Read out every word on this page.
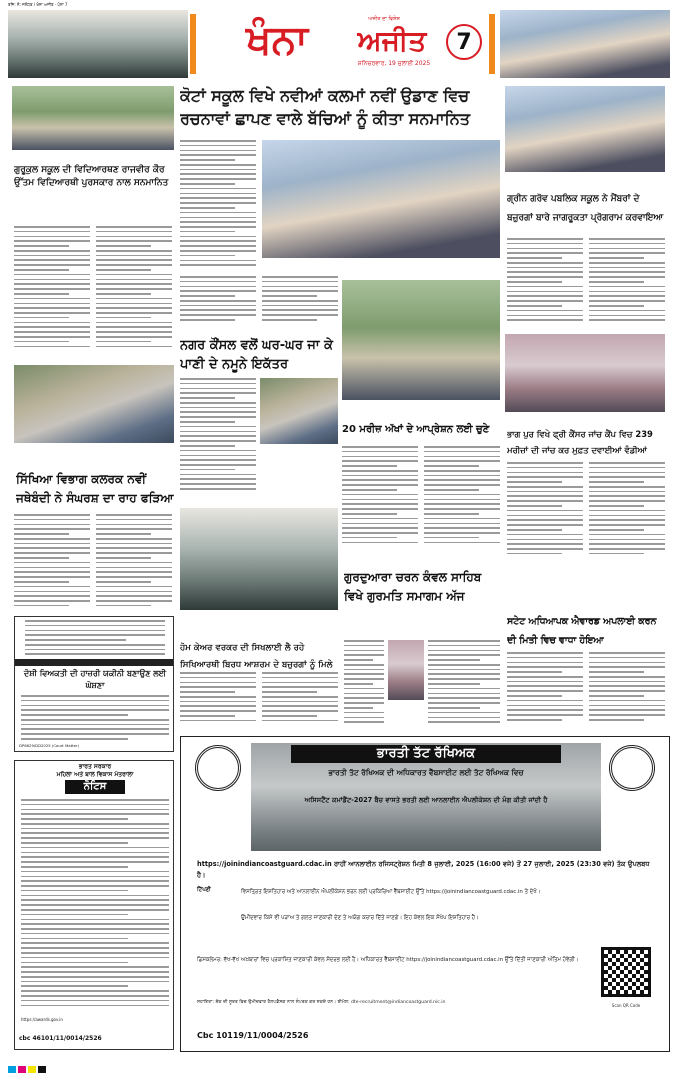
ਰਜਿ: ਨੰ: ਜਲੰਧਰ / ਖੰਨਾ ਅਜੀਤ · ਪੰਨਾ 7
ਅਜੀਤ ਦਾ ਵਿਸ਼ੇਸ਼
ਖੰਨਾ	ਅਜੀਤ
ਸ਼ਨਿਚਰਵਾਰ, 19 ਜੁਲਾਈ 2025
7
ਕੋਟਾਂ ਸਕੂਲ ਵਿਖੇ ਨਵੀਆਂ ਕਲਮਾਂ ਨਵੀਂ ਉਡਾਣ ਵਿਚ ਰਚਨਾਵਾਂ ਛਾਪਣ ਵਾਲੇ ਬੱਚਿਆਂ ਨੂੰ ਕੀਤਾ ਸਨਮਾਨਿਤ
ਗੁਰੂਕੁਲ ਸਕੂਲ ਦੀ ਵਿਦਿਆਰਥਣ ਰਾਜਵੀਰ ਕੌਰ ਉੱਤਮ ਵਿਦਿਆਰਥੀ ਪੁਰਸਕਾਰ ਨਾਲ ਸਨਮਾਨਿਤ
ਸਿੱਖਿਆ ਵਿਭਾਗ ਕਲਰਕ ਨਵੀਂ ਜਥੇਬੰਦੀ ਨੇ ਸੰਘਰਸ਼ ਦਾ ਰਾਹ ਫੜਿਆ
ਦੋਸ਼ੀ ਵਿਅਕਤੀ ਦੀ ਹਾਜ਼ਰੀ ਯਕੀਨੀ ਬਣਾਉਣ ਲਈ ਘੋਸ਼ਣਾ
DP6629/DD2025 (Court Matter)
ਭਾਰਤ ਸਰਕਾਰ
ਮਹਿਲਾ ਅਤੇ ਬਾਲ ਵਿਕਾਸ ਮੰਤਰਾਲਾ
ਨੋਟਿਸ
https://awards.gov.in
cbc 46101/11/0014/2526
ਨਗਰ ਕੌਂਸਲ ਵਲੋਂ ਘਰ-ਘਰ ਜਾ ਕੇ ਪਾਣੀ ਦੇ ਨਮੂਨੇ ਇਕੱਤਰ
20 ਮਰੀਜ਼ ਅੱਖਾਂ ਦੇ ਆਪ੍ਰੇਸ਼ਨ ਲਈ ਚੁਣੇ
ਹੋਮ ਕੇਅਰ ਵਰਕਰ ਦੀ ਸਿਖਲਾਈ ਲੈ ਰਹੇ ਸਿਖਿਆਰਥੀ ਬਿਰਧ ਆਸ਼ਰਮ ਦੇ ਬਜ਼ੁਰਗਾਂ ਨੂੰ ਮਿਲੇ
ਗੁਰਦੁਆਰਾ ਚਰਨ ਕੰਵਲ ਸਾਹਿਬ ਵਿਖੇ ਗੁਰਮਤਿ ਸਮਾਗਮ ਅੱਜ
ਗ੍ਰੀਨ ਗਰੋਵ ਪਬਲਿਕ ਸਕੂਲ ਨੇ ਮੈਂਬਰਾਂ ਦੇ ਬਜ਼ੁਰਗਾਂ ਬਾਰੇ ਜਾਗਰੂਕਤਾ ਪ੍ਰੋਗਰਾਮ ਕਰਵਾਇਆ
ਭਾਗ ਪੁਰ ਵਿਖੇ ਫ੍ਰੀ ਕੈਂਸਰ ਜਾਂਚ ਕੈਂਪ ਵਿਚ 239 ਮਰੀਜ਼ਾਂ ਦੀ ਜਾਂਚ ਕਰ ਮੁਫ਼ਤ ਦਵਾਈਆਂ ਵੰਡੀਆਂ
ਸਟੇਟ ਅਧਿਆਪਕ ਐਵਾਰਡ ਅਪਲਾਈ ਕਰਨ ਦੀ ਮਿਤੀ ਵਿਚ ਵਾਧਾ ਹੋਇਆ
ਭਾਰਤੀ ਤੱਟ ਰੱਖਿਅਕ
ਭਾਰਤੀ ਤੱਟ ਰੱਖਿਅਕ ਦੀ ਅਧਿਕਾਰਤ ਵੈੱਬਸਾਈਟ ਲਈ ਤੱਟ ਰੱਖਿਅਕ ਵਿਚ
ਅਸਿਸਟੈਂਟ ਕਮਾਂਡੈਂਟ-2027 ਬੈਚ ਵਾਸਤੇ ਭਰਤੀ ਲਈ ਆਨਲਾਈਨ ਐਪਲੀਕੇਸ਼ਨ ਦੀ ਮੰਗ ਕੀਤੀ ਜਾਂਦੀ ਹੈ
https://joinindiancoastguard.cdac.in ਰਾਹੀਂ ਆਨਲਾਈਨ ਰਜਿਸਟ੍ਰੇਸ਼ਨ ਮਿਤੀ 8 ਜੁਲਾਈ, 2025 (16:00 ਵਜੇ) ਤੋਂ 27 ਜੁਲਾਈ, 2025 (23:30 ਵਜੇ) ਤੱਕ ਉਪਲਬਧ ਹੈ।
ਟਿੱਪਣੀ	ਵਿਸਤ੍ਰਿਤ ਇਸ਼ਤਿਹਾਰ ਅਤੇ ਆਨਲਾਈਨ ਐਪਲੀਕੇਸ਼ਨ ਭਰਨ ਲਈ ਪ੍ਰਕਿਰਿਆ ਵੈੱਬਸਾਈਟ ਉੱਤੇ https://joinindiancoastguard.cdac.in ਤੇ ਦੇਖੋ।
ਉਮੀਦਵਾਰ ਕਿਸੇ ਵੀ ਪੜਾਅ ਤੇ ਗਲਤ ਜਾਣਕਾਰੀ ਦੇਣ ਤੇ ਅਯੋਗ ਕਰਾਰ ਦਿੱਤੇ ਜਾਣਗੇ। ਇਹ ਕੇਵਲ ਇਕ ਸੰਖੇਪ ਇਸ਼ਤਿਹਾਰ ਹੈ।
ਡਿਸਕਲੇਮਰ: ਵੱਖ-ਵੱਖ ਅਖ਼ਬਾਰਾਂ ਵਿਚ ਪ੍ਰਕਾਸ਼ਿਤ ਜਾਣਕਾਰੀ ਕੇਵਲ ਸੰਦਰਭ ਲਈ ਹੈ। ਅਧਿਕਾਰਤ ਵੈੱਬਸਾਈਟ https://joinindiancoastguard.cdac.in ਉੱਤੇ ਦਿੱਤੀ ਜਾਣਕਾਰੀ ਅੰਤਿਮ ਹੋਵੇਗੀ।
Scan QR Code
ਸਹਾਇਤਾ: ਸ਼ੱਕ ਦੀ ਸੂਰਤ ਵਿਚ ਉਮੀਦਵਾਰ ਹੈਲਪਡੈਸਕ ਨਾਲ ਸੰਪਰਕ ਕਰ ਸਕਦੇ ਹਨ। ਈਮੇਲ: dte-recruitment@indiancoastguard.nic.in
Cbc 10119/11/0004/2526
